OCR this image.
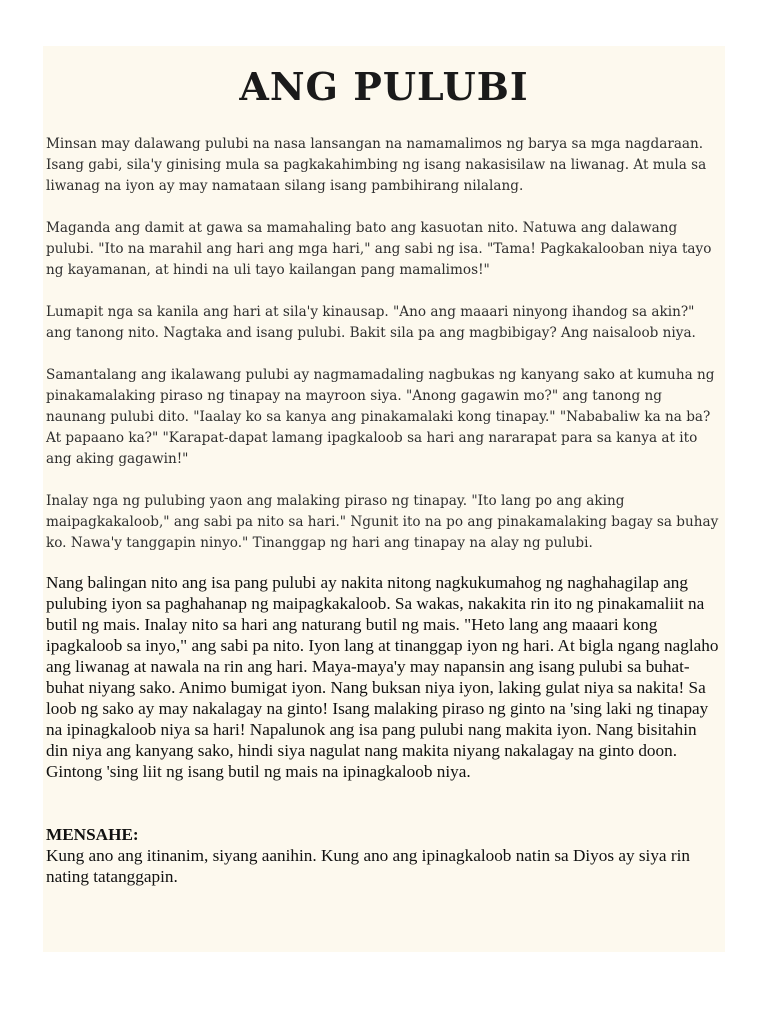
ANG PULUBI

Minsan may dalawang pulubi na nasa lansangan na namamalimos ng barya sa mga nagdaraan. Isang gabi, sila'y ginising mula sa pagkakahimbing ng isang nakasisilaw na liwanag. At mula sa liwanag na iyon ay may namataan silang isang pambihirang nilalang.

Maganda ang damit at gawa sa mamahaling bato ang kasuotan nito. Natuwa ang dalawang pulubi. "Ito na marahil ang hari ang mga hari," ang sabi ng isa. "Tama! Pagkakalooban niya tayo ng kayamanan, at hindi na uli tayo kailangan pang mamalimos!"

Lumapit nga sa kanila ang hari at sila'y kinausap. "Ano ang maaari ninyong ihandog sa akin?" ang tanong nito. Nagtaka and isang pulubi. Bakit sila pa ang magbibigay? Ang naisaloob niya.

Samantalang ang ikalawang pulubi ay nagmamadaling nagbukas ng kanyang sako at kumuha ng pinakamalaking piraso ng tinapay na mayroon siya. "Anong gagawin mo?" ang tanong ng naunang pulubi dito. "Iaalay ko sa kanya ang pinakamalaki kong tinapay." "Nababaliw ka na ba? At papaano ka?" "Karapat-dapat lamang ipagkaloob sa hari ang nararapat para sa kanya at ito ang aking gagawin!"

Inalay nga ng pulubing yaon ang malaking piraso ng tinapay. "Ito lang po ang aking maipagkakaloob," ang sabi pa nito sa hari." Ngunit ito na po ang pinakamalaking bagay sa buhay ko. Nawa'y tanggapin ninyo." Tinanggap ng hari ang tinapay na alay ng pulubi.

Nang balingan nito ang isa pang pulubi ay nakita nitong nagkukumahog ng naghahagilap ang pulubing iyon sa paghahanap ng maipagkakaloob. Sa wakas, nakakita rin ito ng pinakamaliit na butil ng mais. Inalay nito sa hari ang naturang butil ng mais. "Heto lang ang maaari kong ipagkaloob sa inyo," ang sabi pa nito. Iyon lang at tinanggap iyon ng hari. At bigla ngang naglaho ang liwanag at nawala na rin ang hari. Maya-maya'y may napansin ang isang pulubi sa buhat-buhat niyang sako. Animo bumigat iyon. Nang buksan niya iyon, laking gulat niya sa nakita! Sa loob ng sako ay may nakalagay na ginto! Isang malaking piraso ng ginto na 'sing laki ng tinapay na ipinagkaloob niya sa hari! Napalunok ang isa pang pulubi nang makita iyon. Nang bisitahin din niya ang kanyang sako, hindi siya nagulat nang makita niyang nakalagay na ginto doon. Gintong 'sing liit ng isang butil ng mais na ipinagkaloob niya.

MENSAHE:

Kung ano ang itinanim, siyang aanihin. Kung ano ang ipinagkaloob natin sa Diyos ay siya rin nating tatanggapin.
